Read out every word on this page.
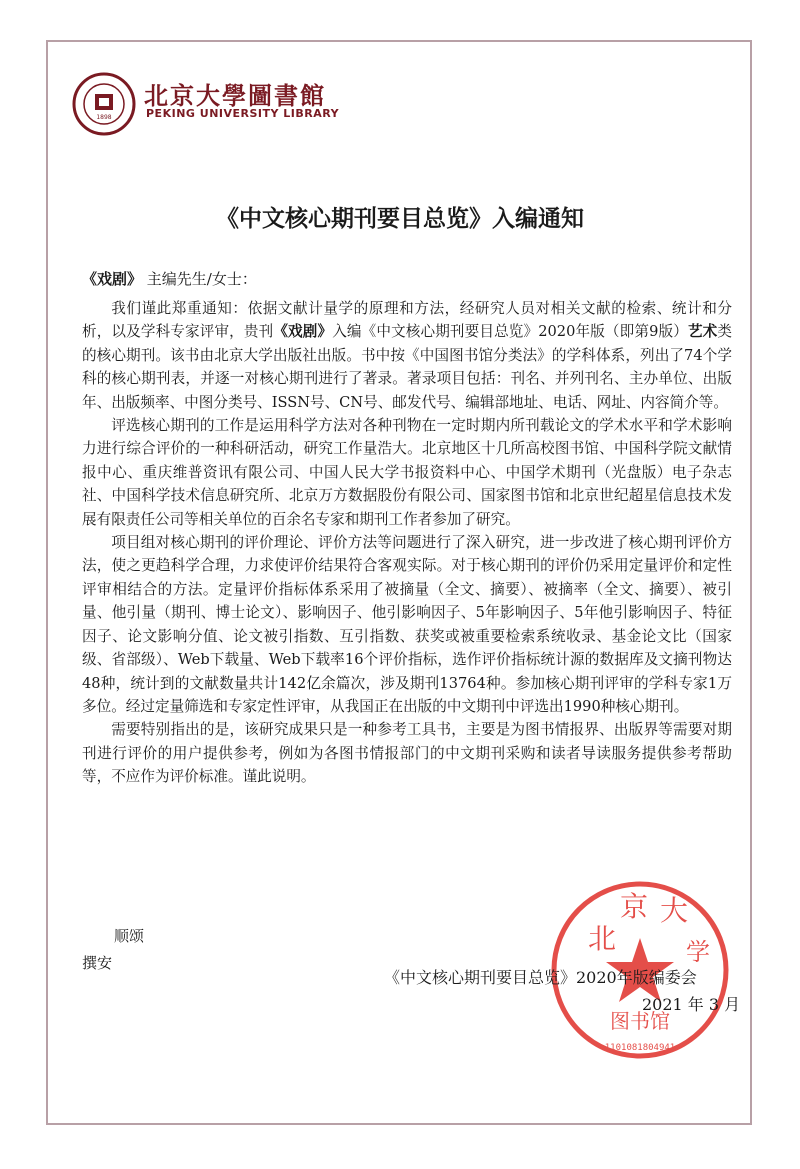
1898
北京大學圖書館
PEKING UNIVERSITY LIBRARY
《中文核心期刊要目总览》入编通知
《戏剧》 主编先生/女士：

我们谨此郑重通知：依据文献计量学的原理和方法，经研究人员对相关文献的检索、统计和分析，以及学科专家评审，贵刊《戏剧》入编《中文核心期刊要目总览》2020年版（即第9版）艺术类的核心期刊。该书由北京大学出版社出版。书中按《中国图书馆分类法》的学科体系，列出了74个学科的核心期刊表，并逐一对核心期刊进行了著录。著录项目包括：刊名、并列刊名、主办单位、出版年、出版频率、中图分类号、ISSN号、CN号、邮发代号、编辑部地址、电话、网址、内容简介等。

评选核心期刊的工作是运用科学方法对各种刊物在一定时期内所刊载论文的学术水平和学术影响力进行综合评价的一种科研活动，研究工作量浩大。北京地区十几所高校图书馆、中国科学院文献情报中心、重庆维普资讯有限公司、中国人民大学书报资料中心、中国学术期刊（光盘版）电子杂志社、中国科学技术信息研究所、北京万方数据股份有限公司、国家图书馆和北京世纪超星信息技术发展有限责任公司等相关单位的百余名专家和期刊工作者参加了研究。

项目组对核心期刊的评价理论、评价方法等问题进行了深入研究，进一步改进了核心期刊评价方法，使之更趋科学合理，力求使评价结果符合客观实际。对于核心期刊的评价仍采用定量评价和定性评审相结合的方法。定量评价指标体系采用了被摘量（全文、摘要）、被摘率（全文、摘要）、被引量、他引量（期刊、博士论文）、影响因子、他引影响因子、5年影响因子、5年他引影响因子、特征因子、论文影响分值、论文被引指数、互引指数、获奖或被重要检索系统收录、基金论文比（国家级、省部级）、Web下载量、Web下载率16个评价指标，选作评价指标统计源的数据库及文摘刊物达48种，统计到的文献数量共计142亿余篇次，涉及期刊13764种。参加核心期刊评审的学科专家1万多位。经过定量筛选和专家定性评审，从我国正在出版的中文期刊中评选出1990种核心期刊。

需要特别指出的是，该研究成果只是一种参考工具书，主要是为图书情报界、出版界等需要对期刊进行评价的用户提供参考，例如为各图书情报部门的中文期刊采购和读者导读服务提供参考帮助等，不应作为评价标准。谨此说明。

顺颂
撰安
北
京 大
学
图书馆
1101081804941
《中文核心期刊要目总览》2020年版编委会
2021 年 3 月
